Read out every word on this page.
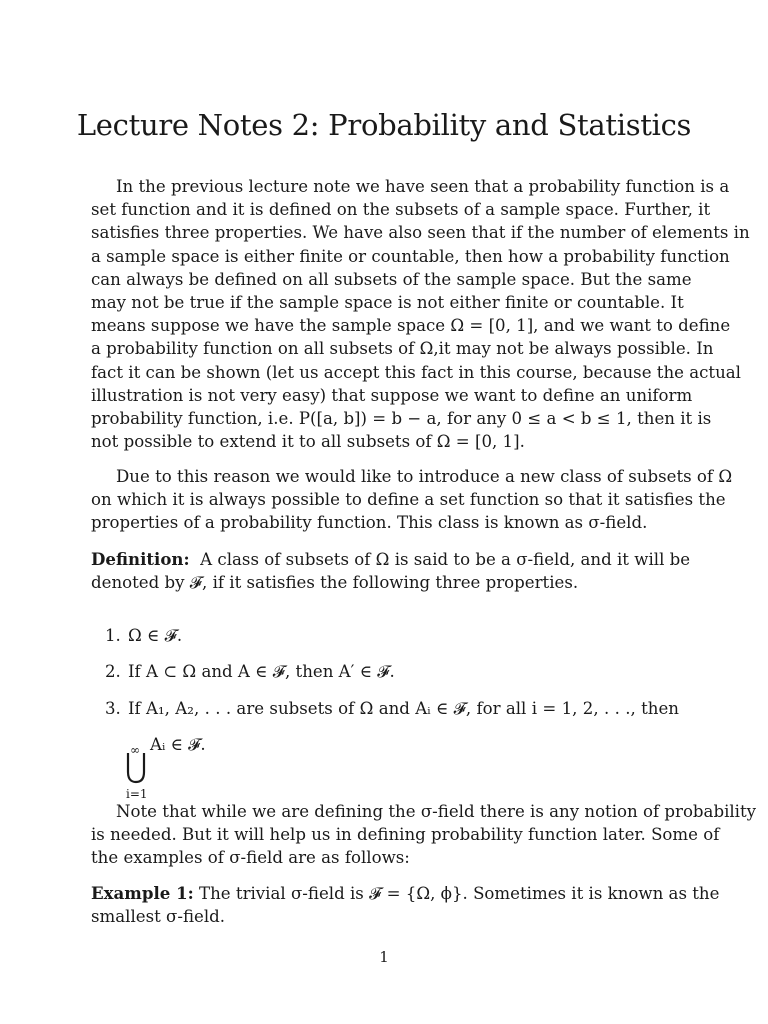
Lecture Notes 2: Probability and Statistics
In the previous lecture note we have seen that a probability function is a
set function and it is defined on the subsets of a sample space. Further, it
satisfies three properties. We have also seen that if the number of elements in
a sample space is either finite or countable, then how a probability function
can always be defined on all subsets of the sample space. But the same
may not be true if the sample space is not either finite or countable. It
means suppose we have the sample space Ω = [0, 1], and we want to define
a probability function on all subsets of Ω,it may not be always possible. In
fact it can be shown (let us accept this fact in this course, because the actual
illustration is not very easy) that suppose we want to define an uniform
probability function, i.e. P([a, b]) = b − a, for any 0 ≤ a < b ≤ 1, then it is
not possible to extend it to all subsets of Ω = [0, 1].
Due to this reason we would like to introduce a new class of subsets of Ω
on which it is always possible to define a set function so that it satisfies the
properties of a probability function. This class is known as σ-field.
Definition: A class of subsets of Ω is said to be a σ-field, and it will be
denoted by 𝓕, if it satisfies the following three properties.
1. Ω ∈ 𝓕.
2. If A ⊂ Ω and A ∈ 𝓕, then A′ ∈ 𝓕.
3. If A₁, A₂, . . . are subsets of Ω and Aᵢ ∈ 𝓕, for all i = 1, 2, . . ., then
∞
i=1
Aᵢ ∈ 𝓕.
Note that while we are defining the σ-field there is any notion of probability
is needed. But it will help us in defining probability function later. Some of
the examples of σ-field are as follows:
Example 1: The trivial σ-field is 𝓕 = {Ω, ϕ}. Sometimes it is known as the
smallest σ-field.
1
